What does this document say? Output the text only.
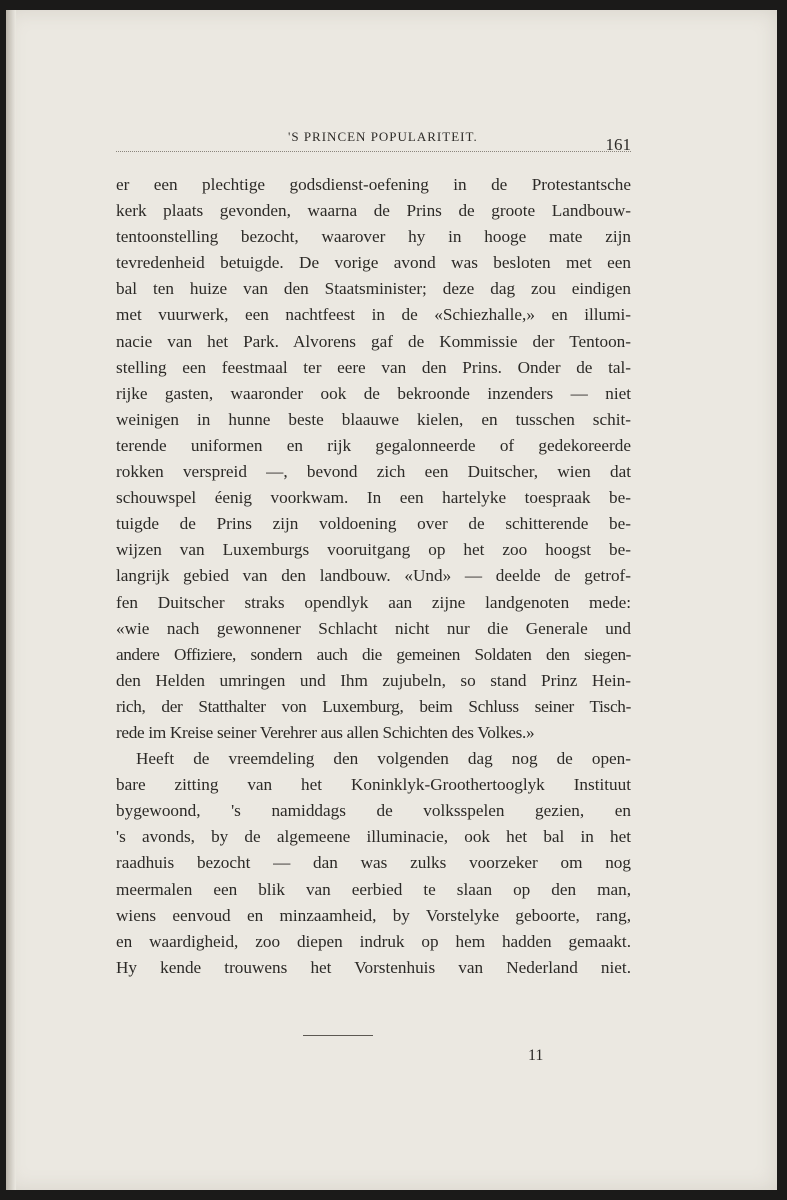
'S PRINCEN POPULARITEIT.	161
er een plechtige godsdienst-oefening in de Protestantsche
kerk plaats gevonden, waarna de Prins de groote Landbouw-
tentoonstelling bezocht, waarover hy in hooge mate zijn
tevredenheid betuigde. De vorige avond was besloten met een
bal ten huize van den Staatsminister; deze dag zou eindigen
met vuurwerk, een nachtfeest in de «Schiezhalle,» en illumi-
nacie van het Park. Alvorens gaf de Kommissie der Tentoon-
stelling een feestmaal ter eere van den Prins. Onder de tal-
rijke gasten, waaronder ook de bekroonde inzenders — niet
weinigen in hunne beste blaauwe kielen, en tusschen schit-
terende uniformen en rijk gegalonneerde of gedekoreerde
rokken verspreid —, bevond zich een Duitscher, wien dat
schouwspel éenig voorkwam. In een hartelyke toespraak be-
tuigde de Prins zijn voldoening over de schitterende be-
wijzen van Luxemburgs vooruitgang op het zoo hoogst be-
langrijk gebied van den landbouw. «Und» — deelde de getrof-
fen Duitscher straks opendlyk aan zijne landgenoten mede:
«wie nach gewonnener Schlacht nicht nur die Generale und
andere Offiziere, sondern auch die gemeinen Soldaten den siegen-
den Helden umringen und Ihm zujubeln, so stand Prinz Hein-
rich, der Statthalter von Luxemburg, beim Schluss seiner Tisch-
rede im Kreise seiner Verehrer aus allen Schichten des Volkes.»
Heeft de vreemdeling den volgenden dag nog de open-
bare zitting van het Koninklyk-Groothertooglyk Instituut
bygewoond, 's namiddags de volksspelen gezien, en
's avonds, by de algemeene illuminacie, ook het bal in het
raadhuis bezocht — dan was zulks voorzeker om nog
meermalen een blik van eerbied te slaan op den man,
wiens eenvoud en minzaamheid, by Vorstelyke geboorte, rang,
en waardigheid, zoo diepen indruk op hem hadden gemaakt.
Hy kende trouwens het Vorstenhuis van Nederland niet.
11
